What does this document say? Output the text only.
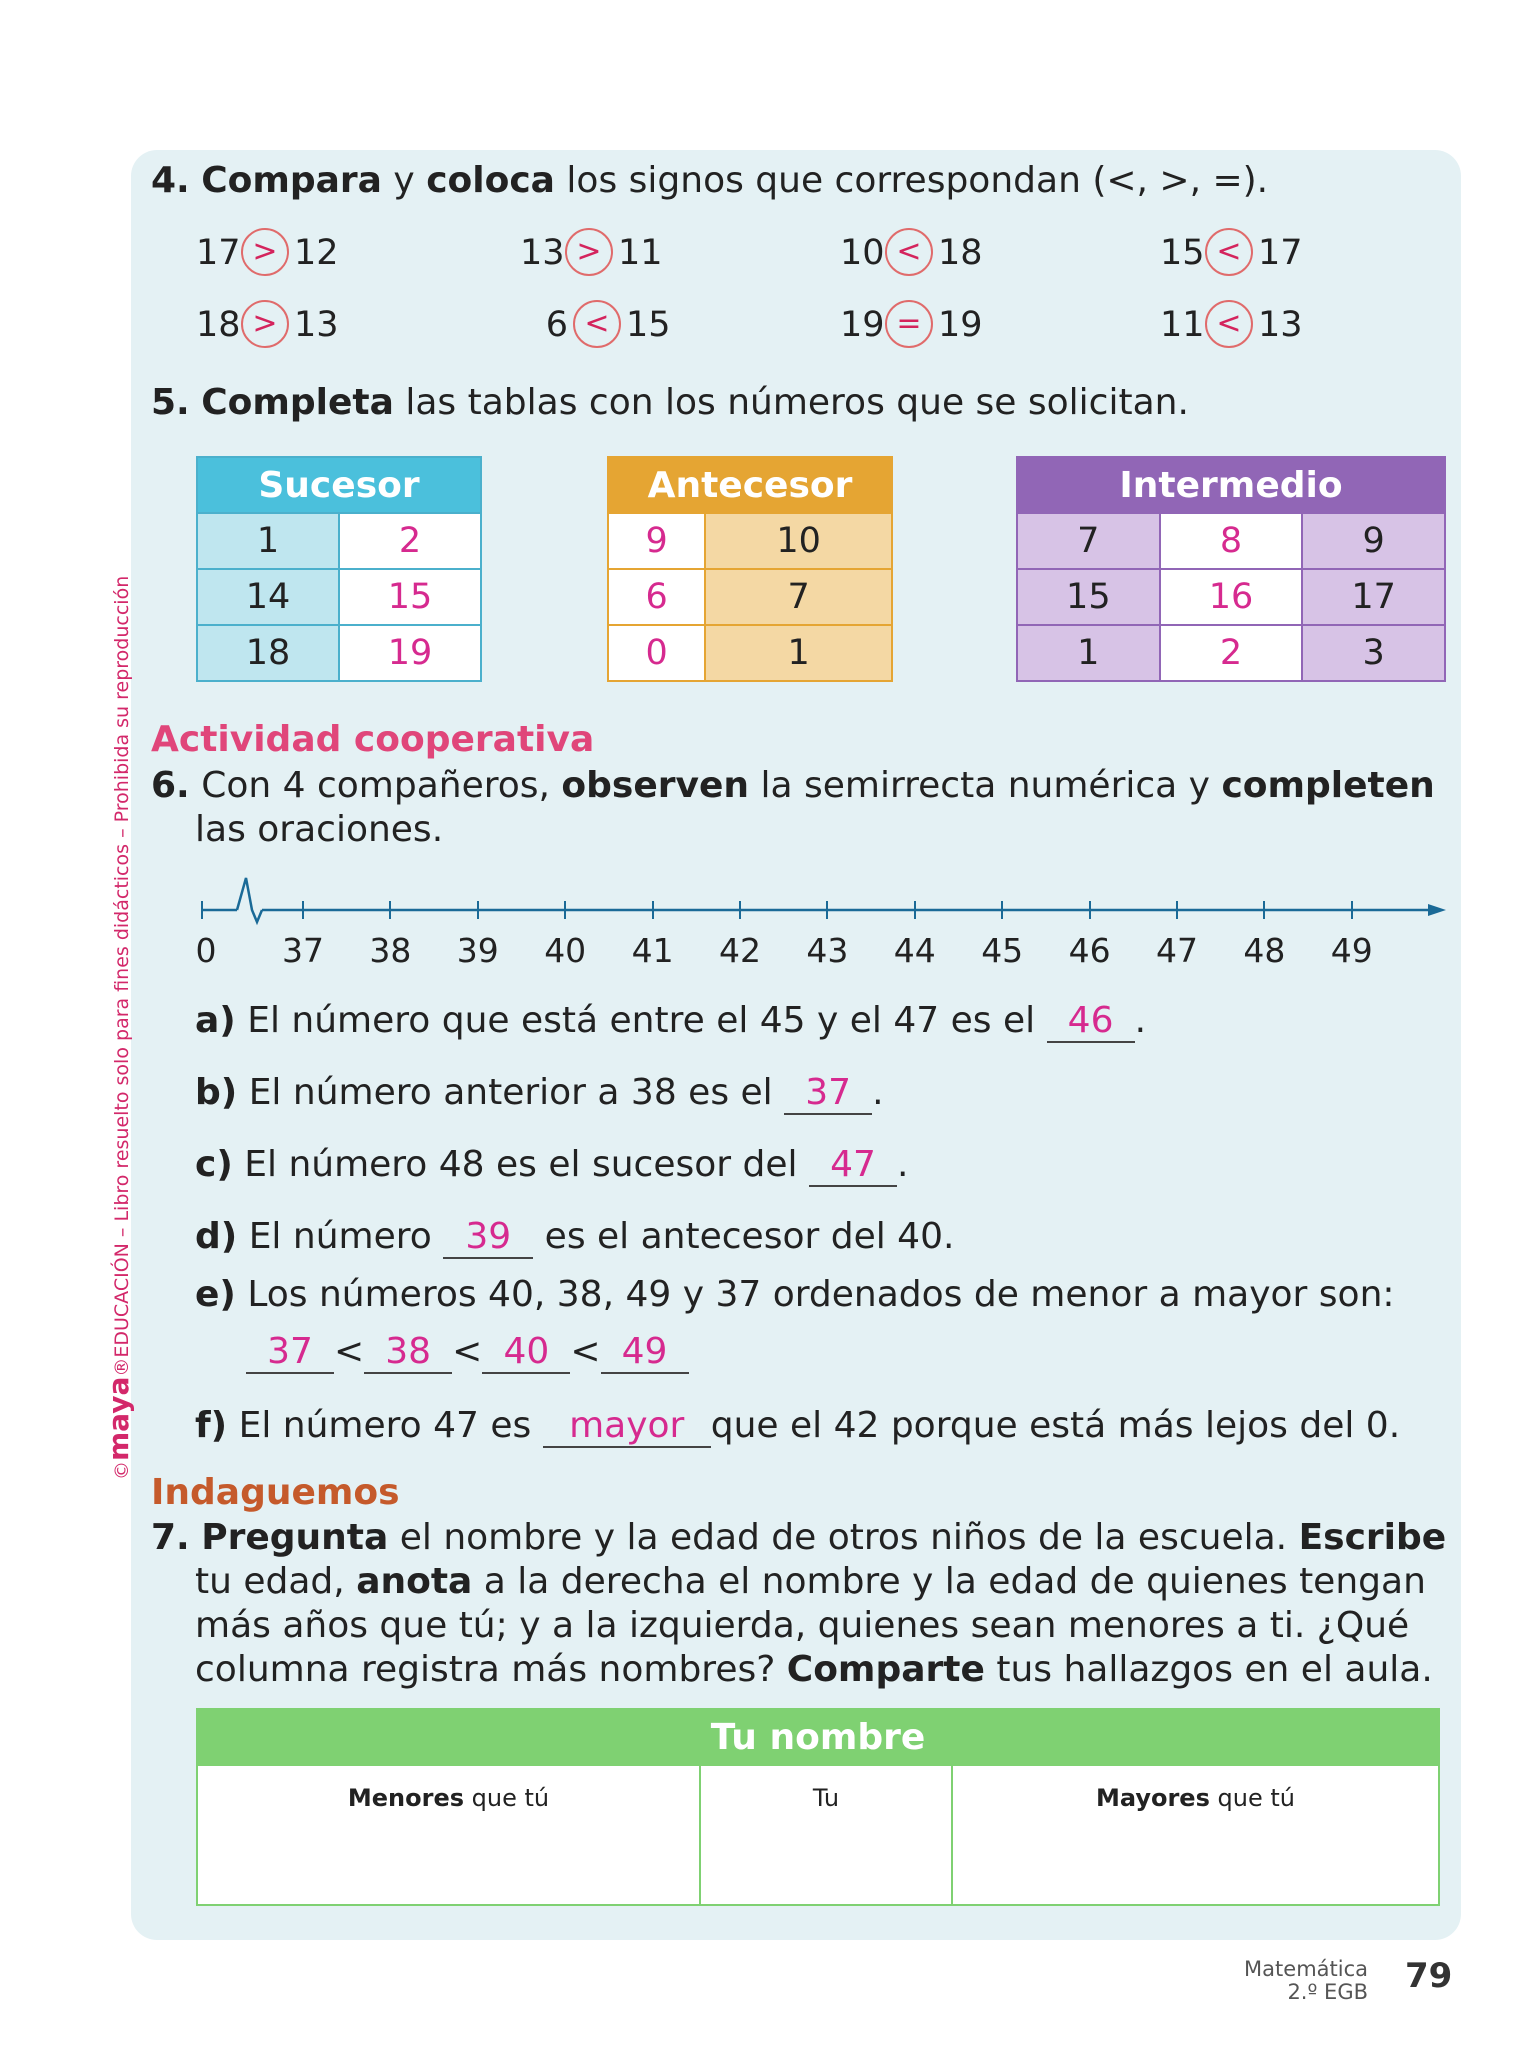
©maya®EDUCACIÓN – Libro resuelto solo para fines didácticos – Prohibida su reproducción
4. Compara y coloca los signos que correspondan (<, >, =).
17 > 12	13 > 11	10 < 18	15 < 17
18 > 13	6 < 15	19 = 19	11 < 13
5. Completa las tablas con los números que se solicitan.
Sucesor	
1	2
14	15
18	19
Antecesor	
9	10
6	7
0	1
Intermedio		
7	8	9
15	16	17
1	2	3
Actividad cooperativa
6. Con 4 compañeros, observen la semirrecta numérica y completen
las oraciones.
0	37 38 39 40 41 42 43 44 45 46 47 48 49
a) El número que está entre el 45 y el 47 es el 46 .
b) El número anterior a 38 es el 37 .
c) El número 48 es el sucesor del 47 .
d) El número 39 es el antecesor del 40.
e) Los números 40, 38, 49 y 37 ordenados de menor a mayor son:
37 < 38 < 40 < 49
f) El número 47 es mayor que el 42 porque está más lejos del 0.
Indaguemos
7. Pregunta el nombre y la edad de otros niños de la escuela. Escribe
tu edad, anota a la derecha el nombre y la edad de quienes tengan
más años que tú; y a la izquierda, quienes sean menores a ti. ¿Qué
columna registra más nombres? Comparte tus hallazgos en el aula.
Tu nombre
Menores que tú	Tu	Mayores que tú
Matemática
2.º EGB 79
